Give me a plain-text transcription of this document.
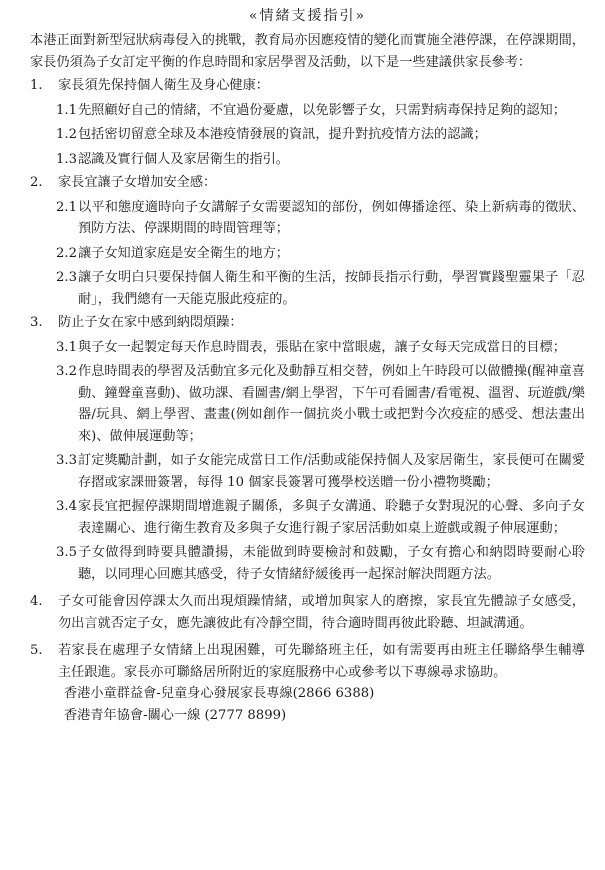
«情緒支援指引»
本港正面對新型冠狀病毒侵入的挑戰，教育局亦因應疫情的變化而實施全港停課，在停課期間，家長仍須為子女訂定平衡的作息時間和家居學習及活動，以下是一些建議供家長參考：
1.	家長須先保持個人衛生及身心健康：
1.1 先照顧好自己的情緒，不宜過份憂慮，以免影響子女，只需對病毒保持足夠的認知；
1.2 包括密切留意全球及本港疫情發展的資訊，提升對抗疫情方法的認識；
1.3 認識及實行個人及家居衛生的指引。
2.	家長宜讓子女增加安全感：
2.1 以平和態度適時向子女講解子女需要認知的部份，例如傳播途徑、染上新病毒的徵狀、預防方法、停課期間的時間管理等；
2.2 讓子女知道家庭是安全衛生的地方；
2.3 讓子女明白只要保持個人衛生和平衡的生活，按師長指示行動，學習實踐聖靈果子「忍耐」，我們總有一天能克服此疫症的。
3.	防止子女在家中感到納悶煩躁：
3.1 與子女一起製定每天作息時間表，張貼在家中當眼處，讓子女每天完成當日的目標；
3.2 作息時間表的學習及活動宜多元化及動靜互相交替，例如上午時段可以做體操(醒神童喜動、鐘聲童喜動)、做功課、看圖書/網上學習，下午可看圖書/看電視、溫習、玩遊戲/樂器/玩具、網上學習、畫畫(例如創作一個抗炎小戰士或把對今次疫症的感受、想法畫出來)、做伸展運動等；
3.3 訂定獎勵計劃，如子女能完成當日工作/活動或能保持個人及家居衛生，家長便可在關愛存摺或家課冊簽署，每得 10 個家長簽署可獲學校送贈一份小禮物獎勵；
3.4 家長宜把握停課期間增進親子關係，多與子女溝通、聆聽子女對現況的心聲、多向子女表達關心、進行衛生教育及多與子女進行親子家居活動如桌上遊戲或親子伸展運動；
3.5 子女做得到時要具體讚揚，未能做到時要檢討和鼓勵，子女有擔心和納悶時要耐心聆聽，以同理心回應其感受，待子女情緒紓緩後再一起探討解決問題方法。
4.	子女可能會因停課太久而出現煩躁情緒，或增加與家人的磨擦，家長宜先體諒子女感受，勿出言就否定子女，應先讓彼此有冷靜空間，待合適時間再彼此聆聽、坦誠溝通。
5.	若家長在處理子女情緒上出現困難，可先聯絡班主任，如有需要再由班主任聯絡學生輔導主任跟進。家長亦可聯絡居所附近的家庭服務中心或參考以下專線尋求協助。
香港小童群益會-兒童身心發展家長專線(2866 6388)
香港青年協會-關心一線 (2777 8899)
